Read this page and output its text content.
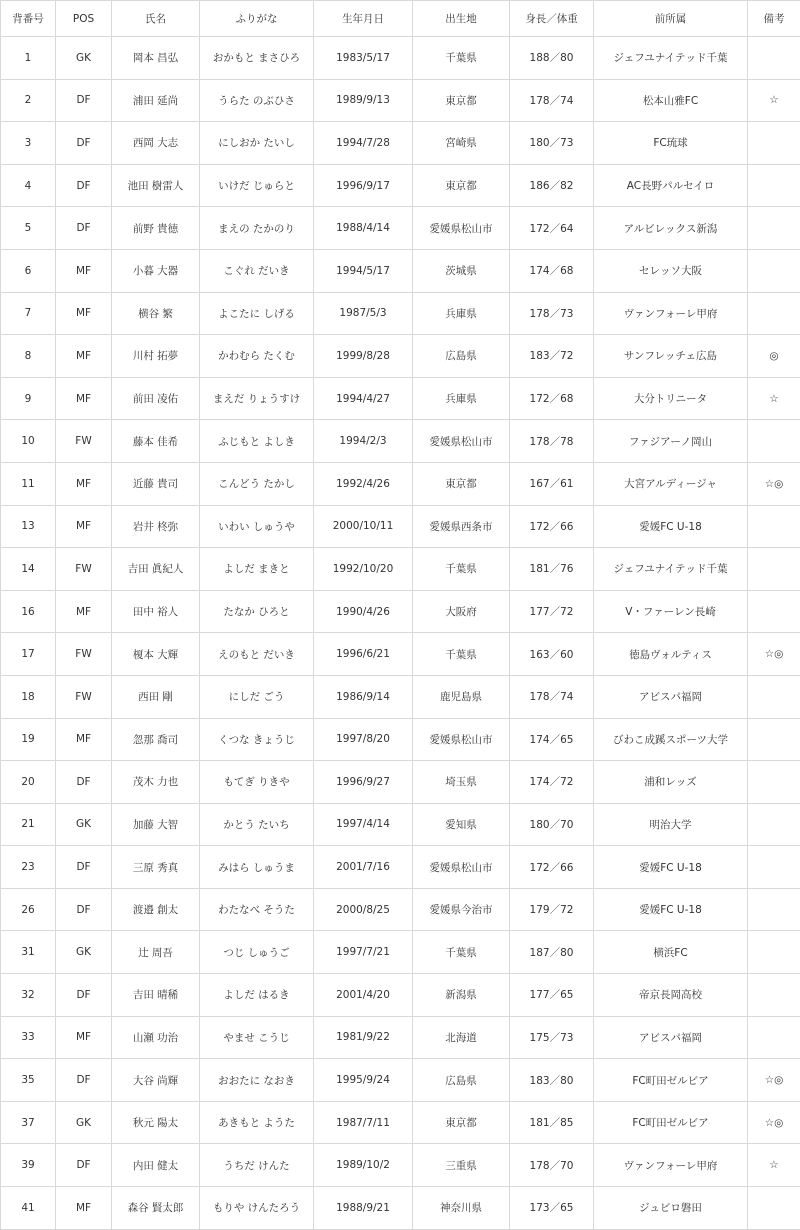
背番号	POS	氏名	ふりがな	生年月日	出生地	身長／体重	前所属	備考
1	GK	岡本 昌弘	おかもと まさひろ	1983/5/17	千葉県	188／80	ジェフユナイテッド千葉	
2	DF	浦田 延尚	うらた のぶひさ	1989/9/13	東京都	178／74	松本山雅FC	☆
3	DF	西岡 大志	にしおか たいし	1994/7/28	宮崎県	180／73	FC琉球	
4	DF	池田 樹雷人	いけだ じゅらと	1996/9/17	東京都	186／82	AC長野パルセイロ	
5	DF	前野 貴徳	まえの たかのり	1988/4/14	愛媛県松山市	172／64	アルビレックス新潟	
6	MF	小暮 大器	こぐれ だいき	1994/5/17	茨城県	174／68	セレッソ大阪	
7	MF	横谷 繁	よこたに しげる	1987/5/3	兵庫県	178／73	ヴァンフォーレ甲府	
8	MF	川村 拓夢	かわむら たくむ	1999/8/28	広島県	183／72	サンフレッチェ広島	◎
9	MF	前田 凌佑	まえだ りょうすけ	1994/4/27	兵庫県	172／68	大分トリニータ	☆
10	FW	藤本 佳希	ふじもと よしき	1994/2/3	愛媛県松山市	178／78	ファジアーノ岡山	
11	MF	近藤 貴司	こんどう たかし	1992/4/26	東京都	167／61	大宮アルディージャ	☆◎
13	MF	岩井 柊弥	いわい しゅうや	2000/10/11	愛媛県西条市	172／66	愛媛FC U-18	
14	FW	吉田 眞紀人	よしだ まきと	1992/10/20	千葉県	181／76	ジェフユナイテッド千葉	
16	MF	田中 裕人	たなか ひろと	1990/4/26	大阪府	177／72	V・ファーレン長崎	
17	FW	榎本 大輝	えのもと だいき	1996/6/21	千葉県	163／60	徳島ヴォルティス	☆◎
18	FW	西田 剛	にしだ ごう	1986/9/14	鹿児島県	178／74	アビスパ福岡	
19	MF	忽那 喬司	くつな きょうじ	1997/8/20	愛媛県松山市	174／65	びわこ成蹊スポーツ大学	
20	DF	茂木 力也	もてぎ りきや	1996/9/27	埼玉県	174／72	浦和レッズ	
21	GK	加藤 大智	かとう たいち	1997/4/14	愛知県	180／70	明治大学	
23	DF	三原 秀真	みはら しゅうま	2001/7/16	愛媛県松山市	172／66	愛媛FC U-18	
26	DF	渡邉 創太	わたなべ そうた	2000/8/25	愛媛県今治市	179／72	愛媛FC U-18	
31	GK	辻 周吾	つじ しゅうご	1997/7/21	千葉県	187／80	横浜FC	
32	DF	吉田 晴稀	よしだ はるき	2001/4/20	新潟県	177／65	帝京長岡高校	
33	MF	山瀬 功治	やませ こうじ	1981/9/22	北海道	175／73	アビスパ福岡	
35	DF	大谷 尚輝	おおたに なおき	1995/9/24	広島県	183／80	FC町田ゼルビア	☆◎
37	GK	秋元 陽太	あきもと ようた	1987/7/11	東京都	181／85	FC町田ゼルビア	☆◎
39	DF	内田 健太	うちだ けんた	1989/10/2	三重県	178／70	ヴァンフォーレ甲府	☆
41	MF	森谷 賢太郎	もりや けんたろう	1988/9/21	神奈川県	173／65	ジュビロ磐田	
